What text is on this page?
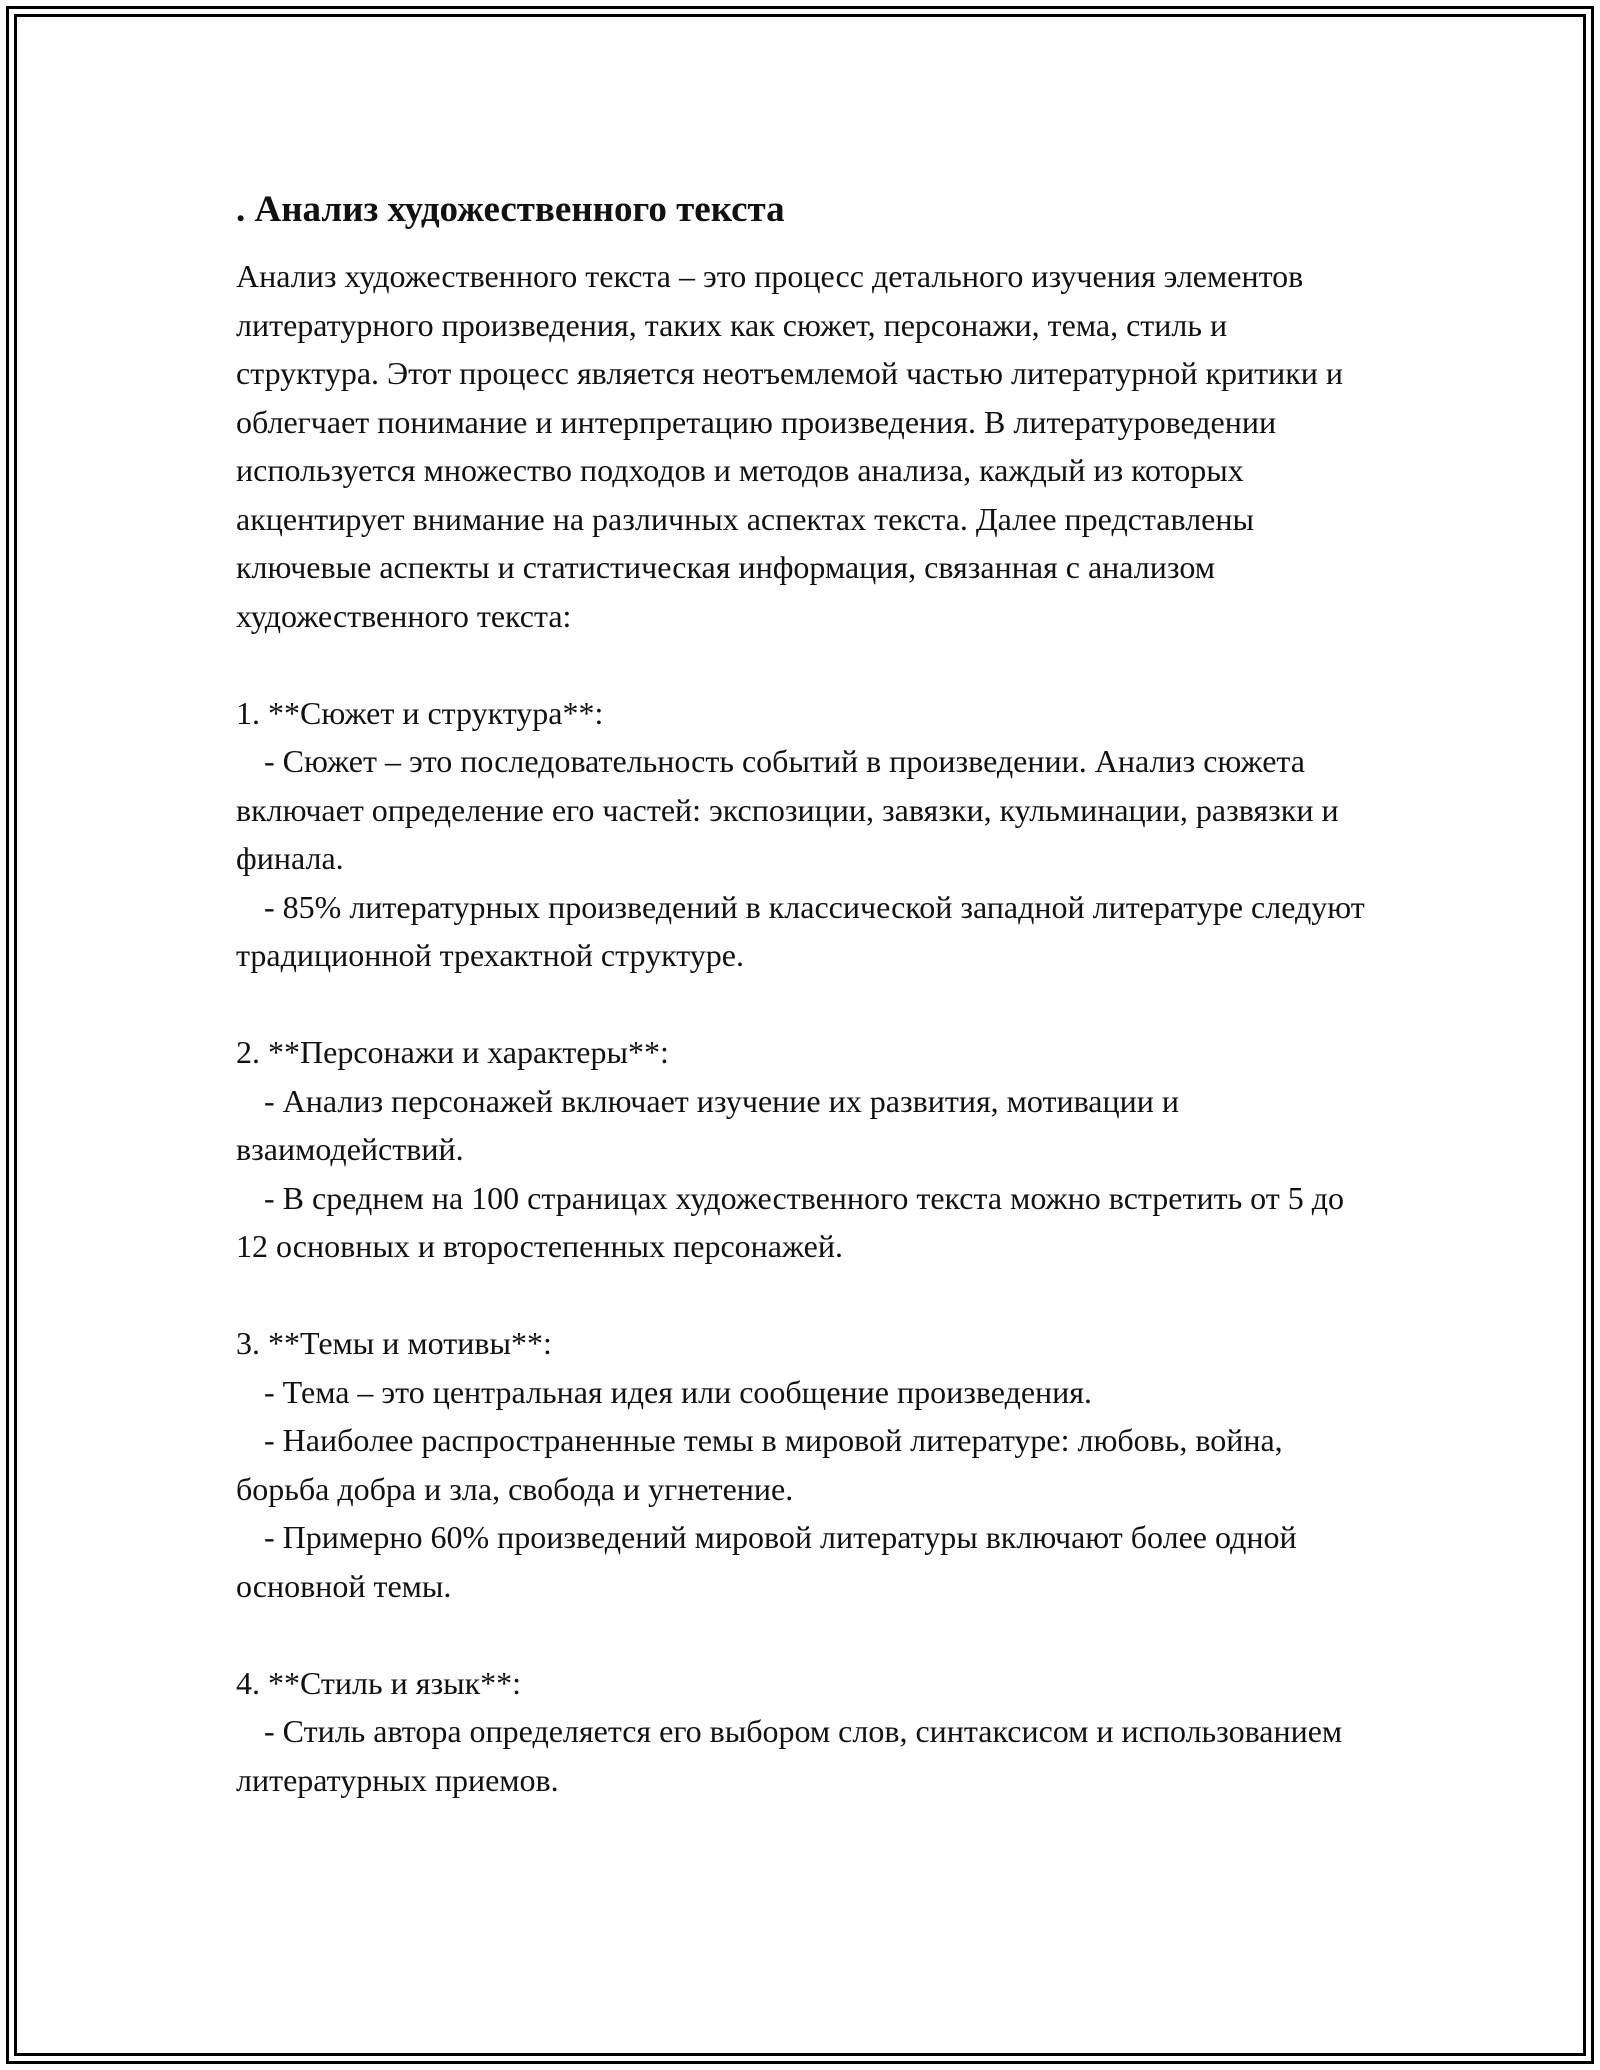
. Анализ художественного текста

Анализ художественного текста – это процесс детального изучения элементов литературного произведения, таких как сюжет, персонажи, тема, стиль и структура. Этот процесс является неотъемлемой частью литературной критики и облегчает понимание и интерпретацию произведения. В литературоведении используется множество подходов и методов анализа, каждый из которых акцентирует внимание на различных аспектах текста. Далее представлены ключевые аспекты и статистическая информация, связанная с анализом художественного текста:

1. **Сюжет и структура**:

- Сюжет – это последовательность событий в произведении. Анализ сюжета включает определение его частей: экспозиции, завязки, кульминации, развязки и финала.

- 85% литературных произведений в классической западной литературе следуют традиционной трехактной структуре.

2. **Персонажи и характеры**:

- Анализ персонажей включает изучение их развития, мотивации и взаимодействий.

- В среднем на 100 страницах художественного текста можно встретить от 5 до 12 основных и второстепенных персонажей.

3. **Темы и мотивы**:

- Тема – это центральная идея или сообщение произведения.

- Наиболее распространенные темы в мировой литературе: любовь, война, борьба добра и зла, свобода и угнетение.

- Примерно 60% произведений мировой литературы включают более одной основной темы.

4. **Стиль и язык**:

- Стиль автора определяется его выбором слов, синтаксисом и использованием литературных приемов.
